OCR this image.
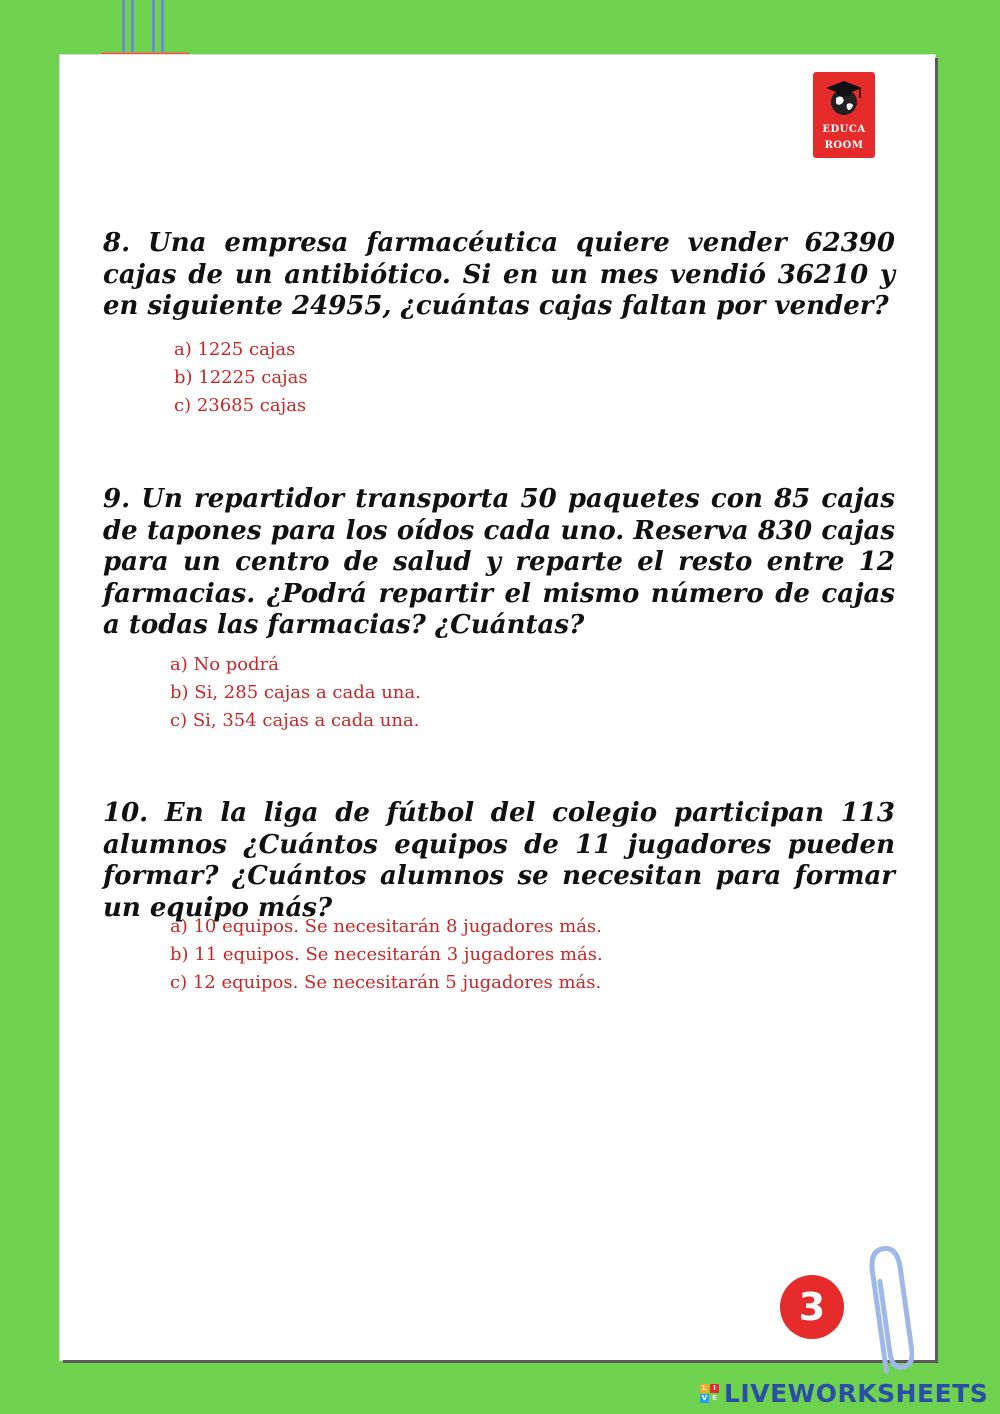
EDUCA
ROOM
8. Una empresa farmacéutica quiere vender 62390 cajas de un antibiótico. Si en un mes vendió 36210 y en siguiente 24955, ¿cuántas cajas faltan por vender?
a) 1225 cajas
b) 12225 cajas
c) 23685 cajas
9. Un repartidor transporta 50 paquetes con 85 cajas de tapones para los oídos cada uno. Reserva 830 cajas para un centro de salud y reparte el resto entre 12 farmacias. ¿Podrá repartir el mismo número de cajas a todas las farmacias? ¿Cuántas?
a) No podrá
b) Si, 285 cajas a cada una.
c) Si, 354 cajas a cada una.
10. En la liga de fútbol del colegio participan 113 alumnos ¿Cuántos equipos de 11 jugadores pueden formar? ¿Cuántos alumnos se necesitan para formar un equipo más?
a) 10 equipos. Se necesitarán 8 jugadores más.
b) 11 equipos. Se necesitarán 3 jugadores más.
c) 12 equipos. Se necesitarán 5 jugadores más.
3
L I
V E LIVEWORKSHEETS
